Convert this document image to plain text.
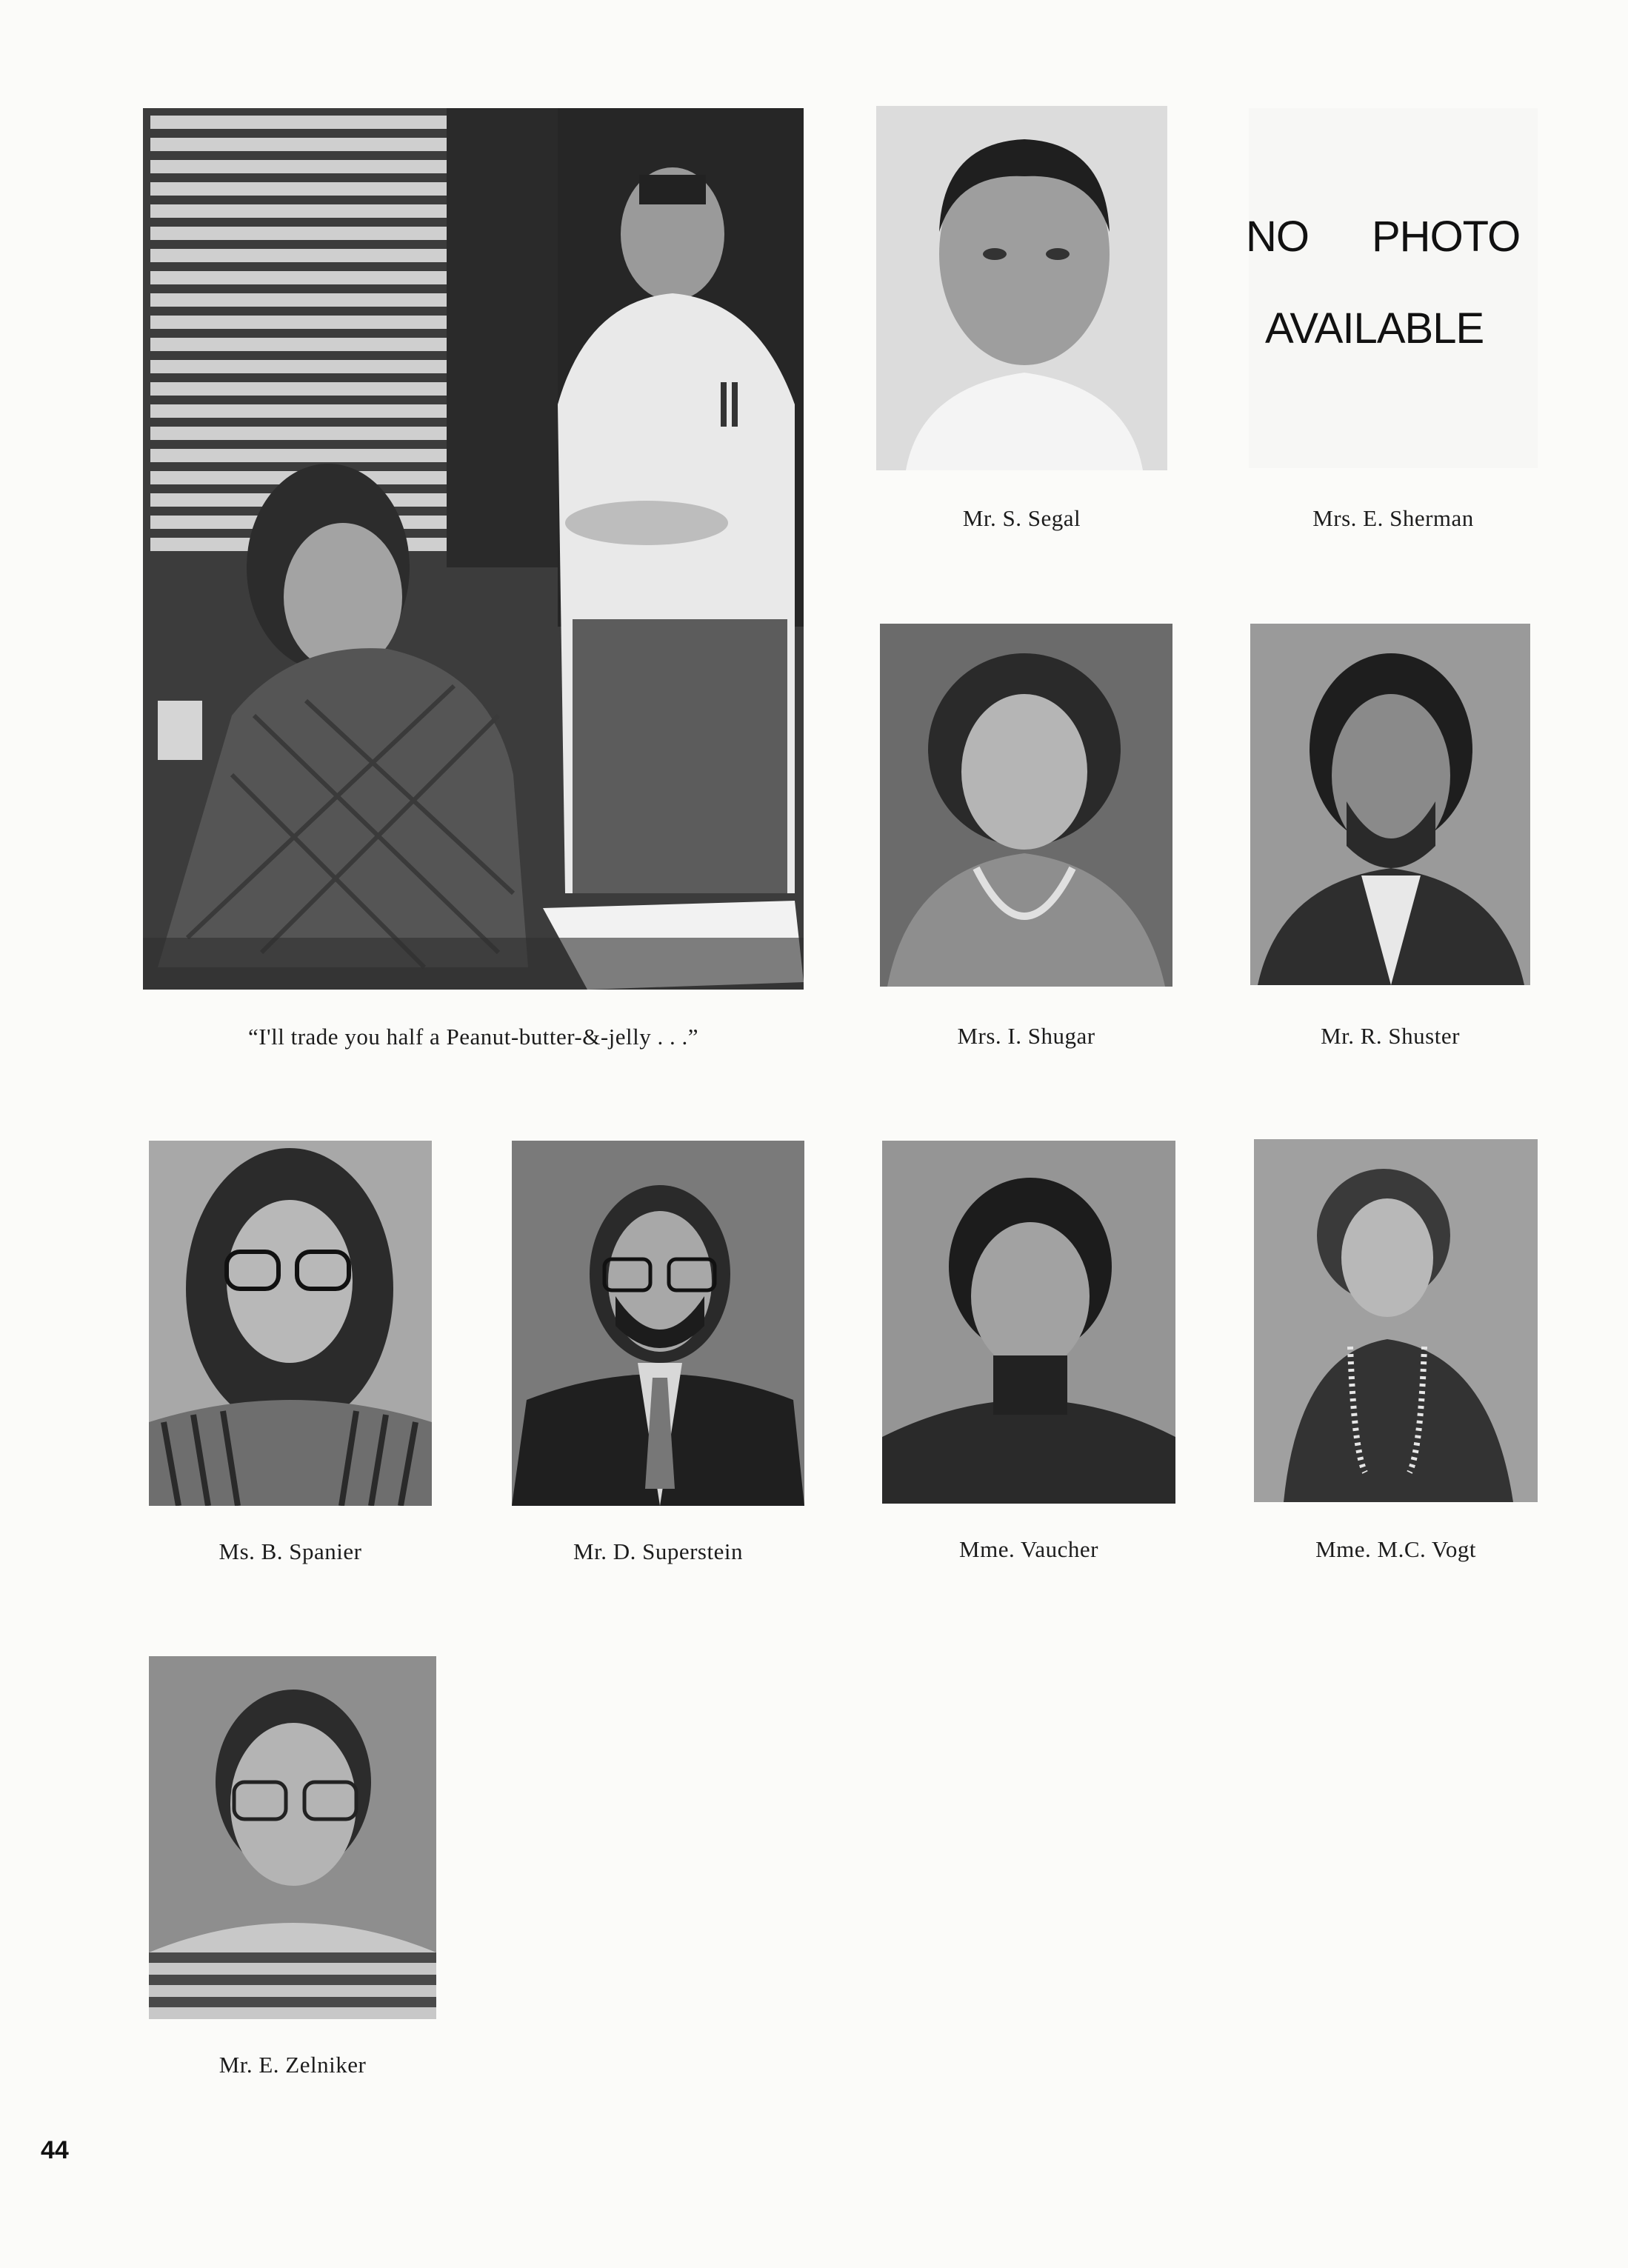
“I'll trade you half a Peanut-butter-&-jelly . . .”
Mr. S. Segal
NO PHOTO
AVAILABLE
Mrs. E. Sherman
Mrs. I. Shugar	Mr. R. Shuster
Ms. B. Spanier	Mr. D. Superstein	Mme. Vaucher	Mme. M.C. Vogt
Mr. E. Zelniker
44
